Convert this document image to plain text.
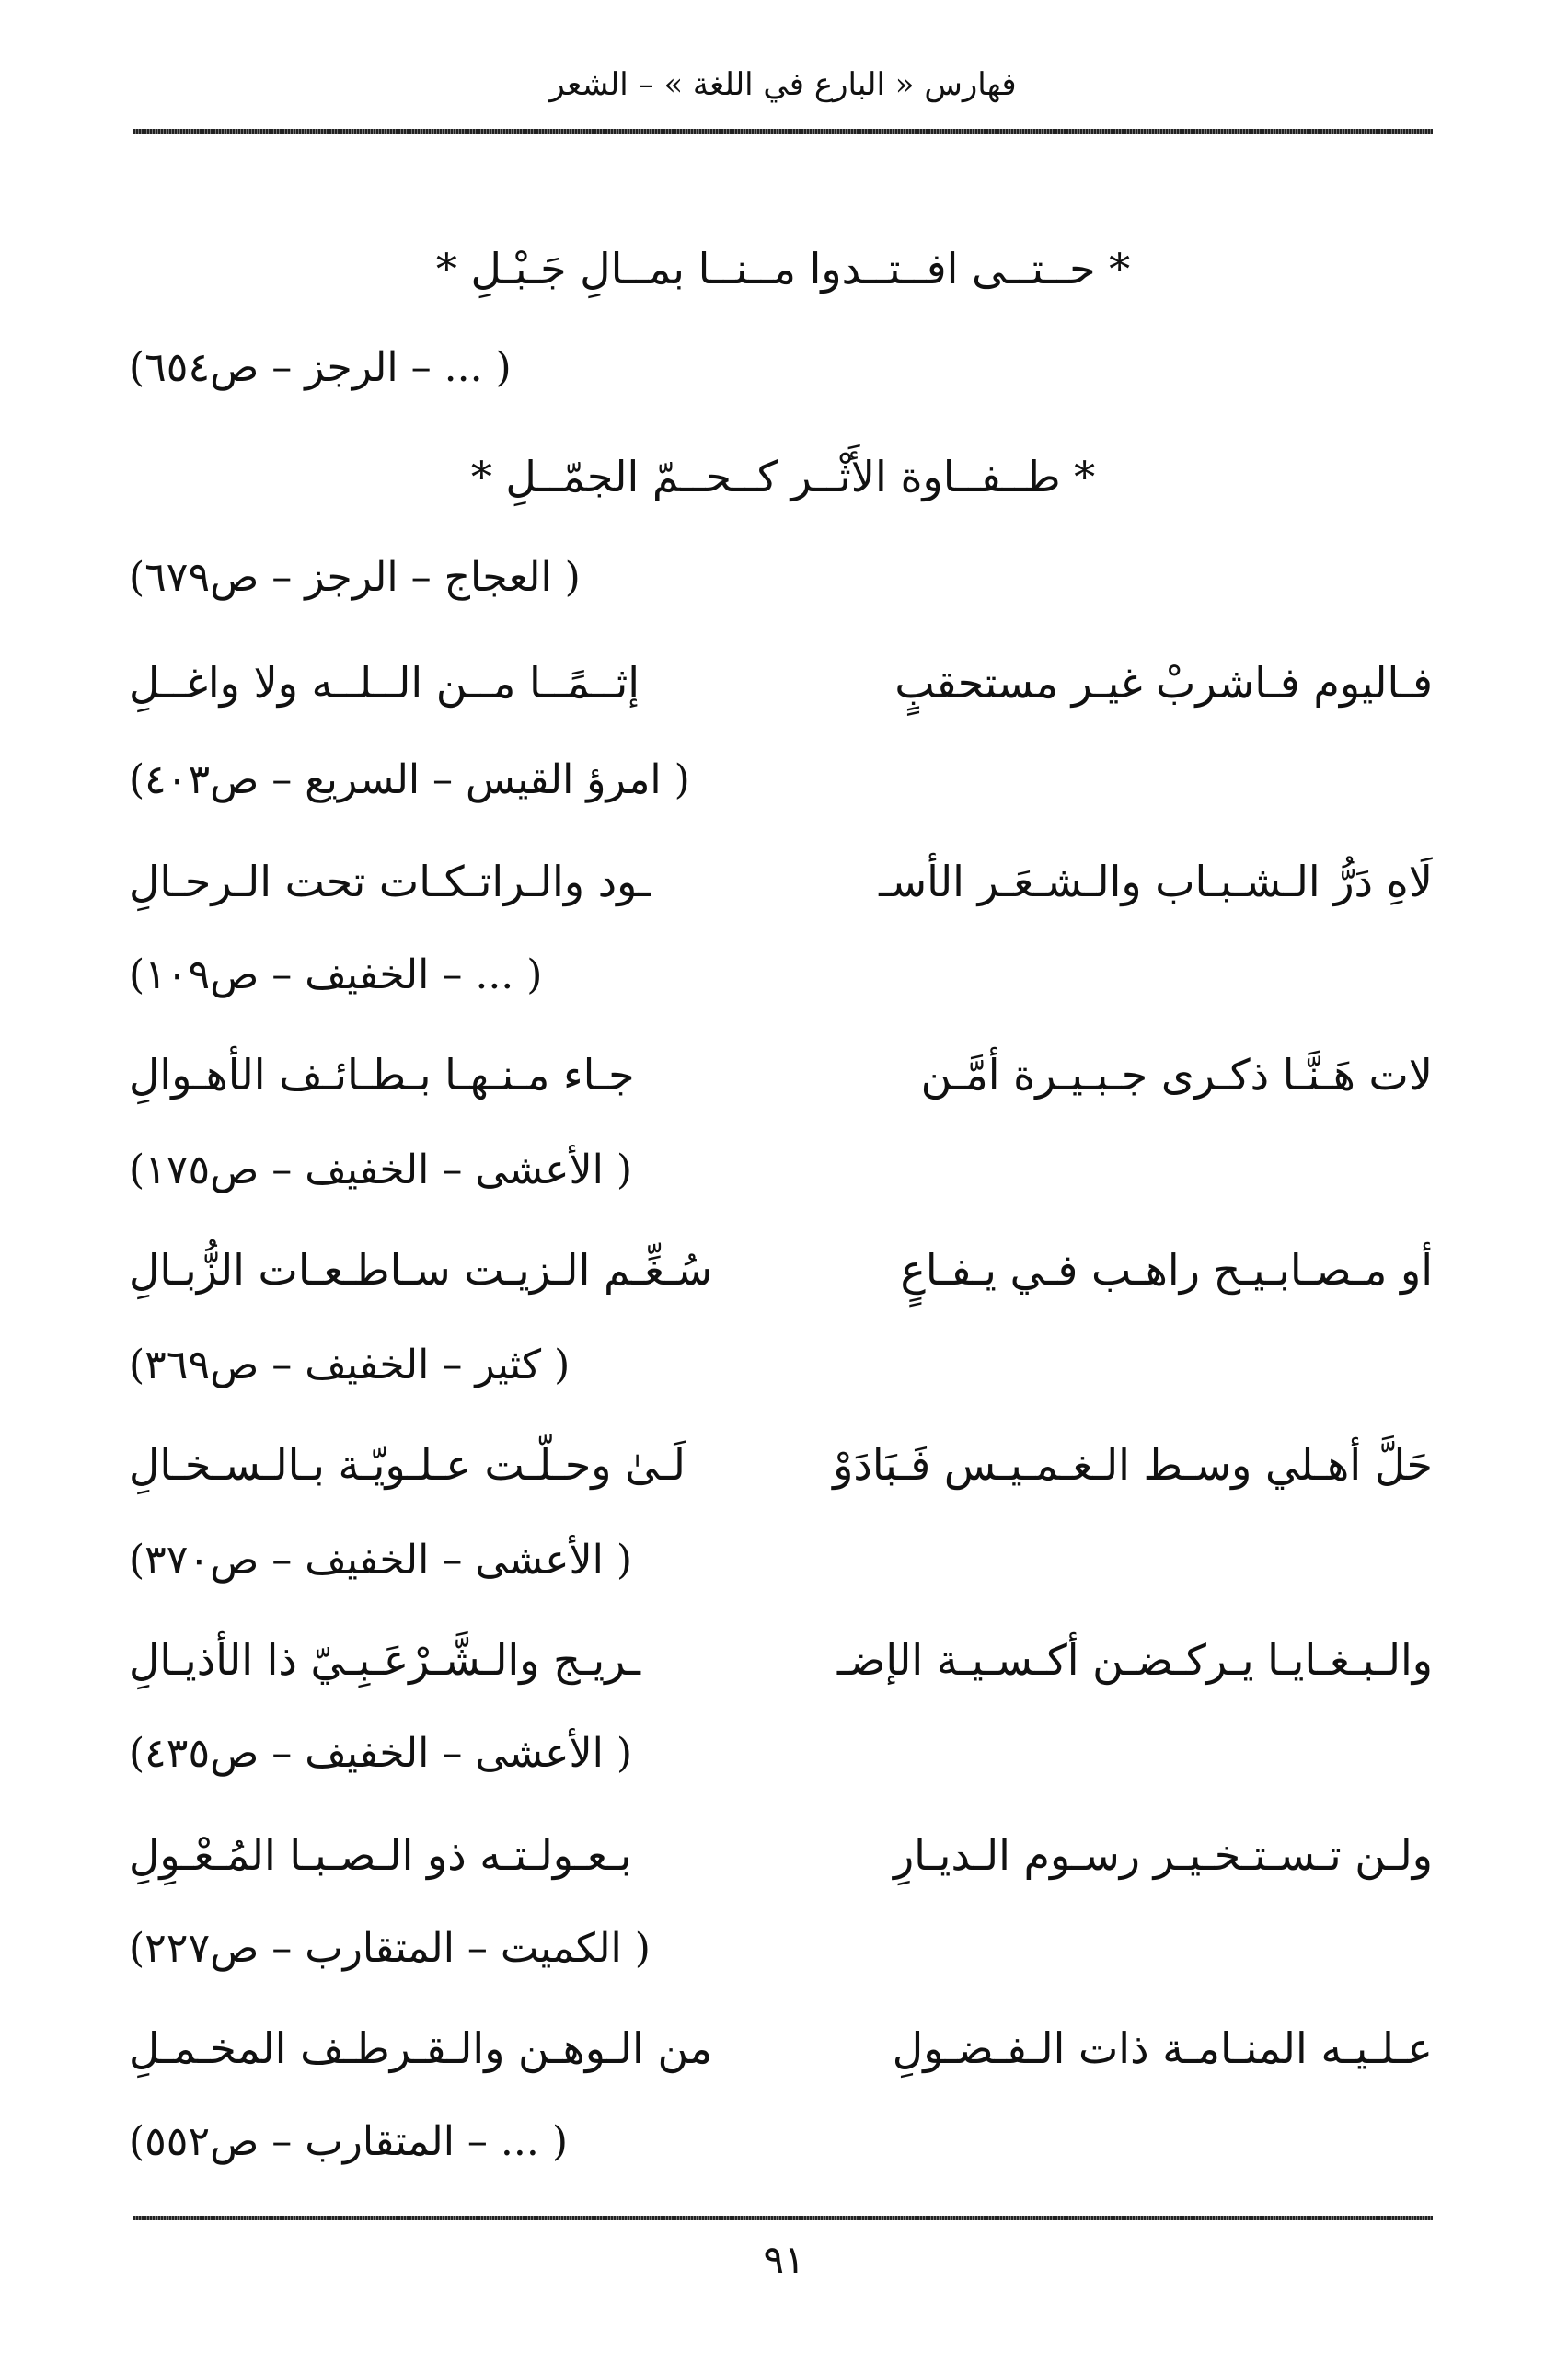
فهارس « البارع في اللغة » – الشعر
* حــتــى افــتــدوا مــنــا بمــالِ جَـبْـلِ *
( ... – الرجز – ص٦٥٤)
* طــفــاوة الأَثْــر كــحــمّ الجمّــلِ *
( العجاج – الرجز – ص٦٧٩)
فـاليوم فـاشربْ غيـر مستحقبٍ
إثــمًــا مــن الــلــه ولا واغــلِ
( امرؤ القيس – السريع – ص٤٠٣)
لَاهِ دَرُّ الـشـبـاب والـشـعَـر الأسـ
ـود والـراتـكـات تحت الـرحـالِ
( ... – الخفيف – ص١٠٩)
لات هَـنَّـا ذكـرى جـبـيـرة أمَّـن
جـاء مـنـهـا بـطـائـف الأهـوالِ
( الأعشى – الخفيف – ص١٧٥)
أو مـصـابـيـح راهـب فـي يـفـاعٍ
سُـغِّـم الـزيـت سـاطـعـات الزُّبـالِ
( كثير – الخفيف – ص٣٦٩)
حَلَّ أهـلي وسـط الـغـمـيـس فَـبَادَوْ
لَـىٰ وحـلّـت عـلـويّـة بـالـسـخـالِ
( الأعشى – الخفيف – ص٣٧٠)
والـبـغـايـا يـركـضـن أكـسـيـة الإضـ
ـريـج والـشَّـرْعَـبِـيّ ذا الأذيـالِ
( الأعشى – الخفيف – ص٤٣٥)
ولـن تـسـتـخـيـر رسـوم الـديـارِ
بـعـولـتـه ذو الـصـبـا المُـعْـوِلِ
( الكميت – المتقارب – ص٢٢٧)
عـلـيـه المنـامـة ذات الـفـضـولِ
من الـوهـن والـقـرطـف المخـمـلِ
( ... – المتقارب – ص٥٥٢)
٩١
